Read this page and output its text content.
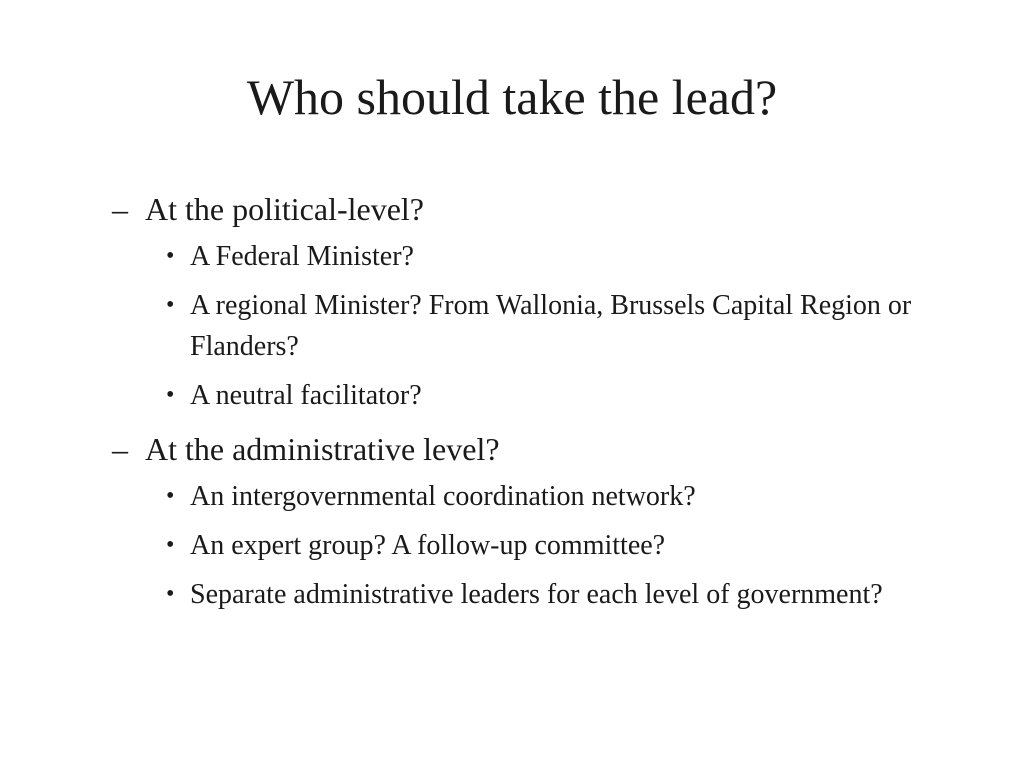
Who should take the lead?
– At the political-level?
• A Federal Minister?
• A regional Minister? From Wallonia, Brussels Capital Region or Flanders?
• A neutral facilitator?
– At the administrative level?
• An intergovernmental coordination network?
• An expert group? A follow-up committee?
• Separate administrative leaders for each level of government?
